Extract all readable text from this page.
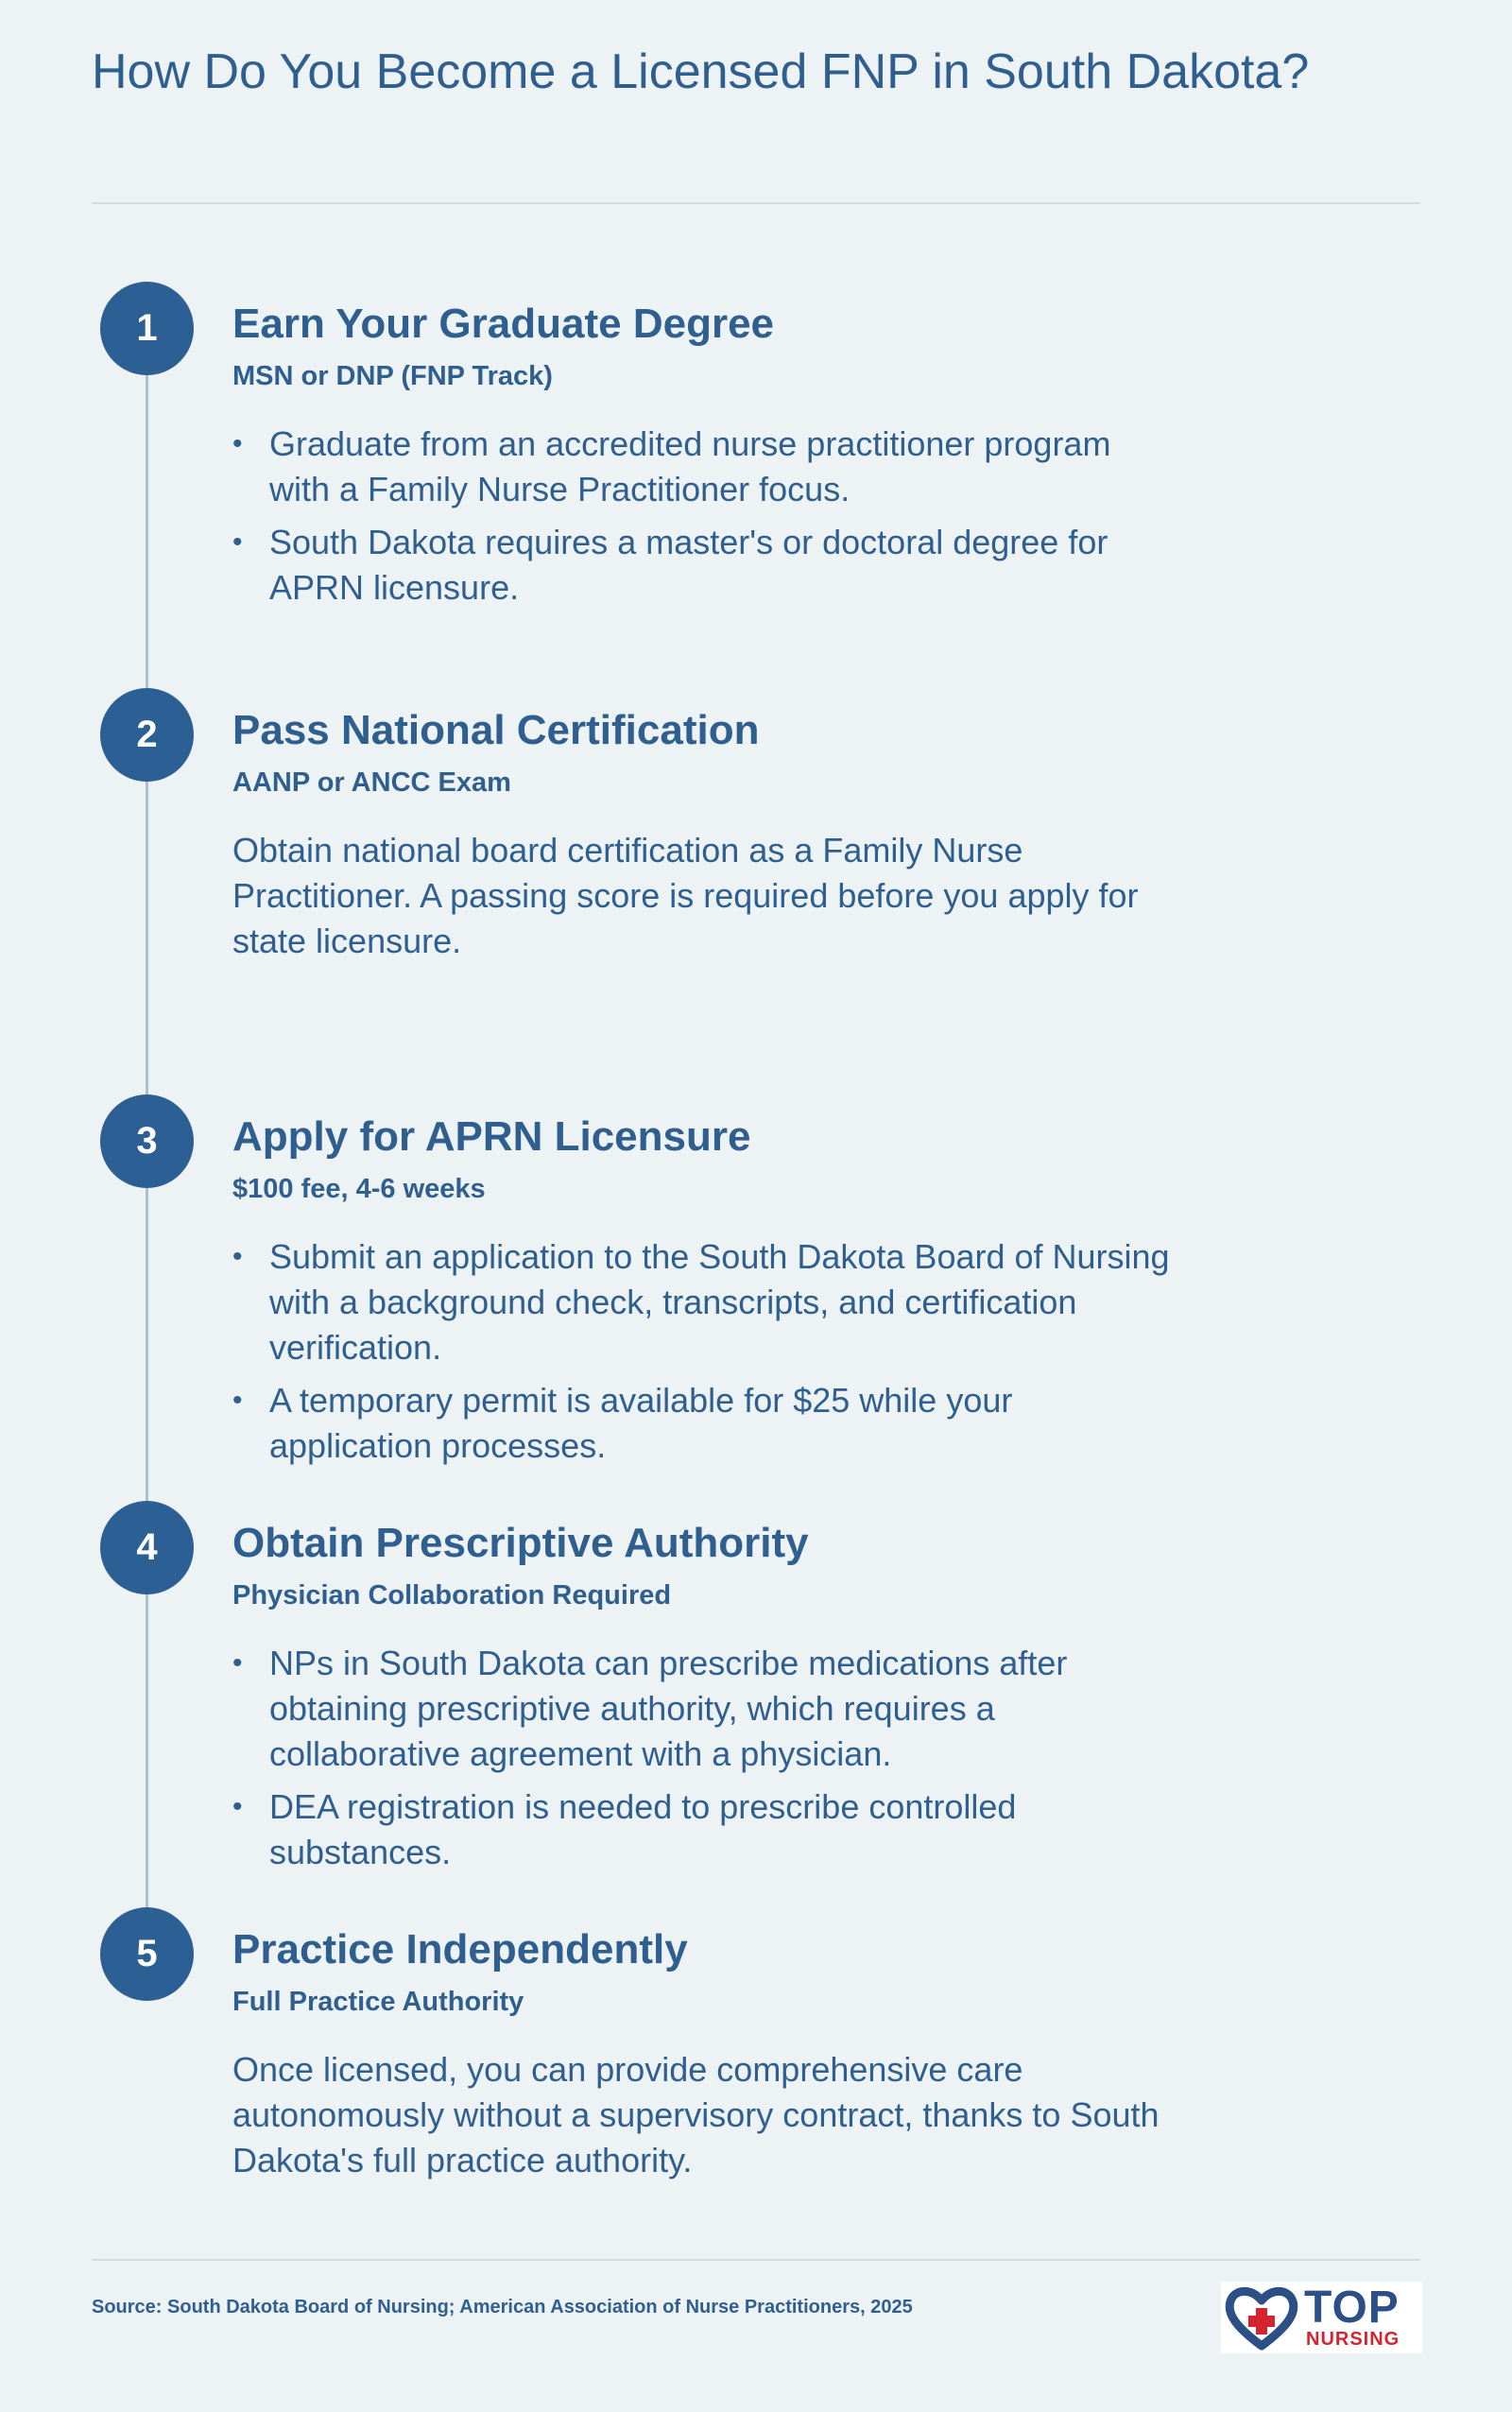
How Do You Become a Licensed FNP in South Dakota?
1	Earn Your Graduate Degree
MSN or DNP (FNP Track)
• Graduate from an accredited nurse practitioner program with a Family Nurse Practitioner focus.
• South Dakota requires a master's or doctoral degree for APRN licensure.
2	Pass National Certification
AANP or ANCC Exam

Obtain national board certification as a Family Nurse Practitioner. A passing score is required before you apply for state licensure.

3	Apply for APRN Licensure
$100 fee, 4-6 weeks
• Submit an application to the South Dakota Board of Nursing with a background check, transcripts, and certification verification.
• A temporary permit is available for $25 while your application processes.
4	Obtain Prescriptive Authority
Physician Collaboration Required
• NPs in South Dakota can prescribe medications after obtaining prescriptive authority, which requires a collaborative agreement with a physician.
• DEA registration is needed to prescribe controlled substances.
5	Practice Independently
Full Practice Authority

Once licensed, you can provide comprehensive care autonomously without a supervisory contract, thanks to South Dakota's full practice authority.

Source: South Dakota Board of Nursing; American Association of Nurse Practitioners, 2025	TOP
NURSING
